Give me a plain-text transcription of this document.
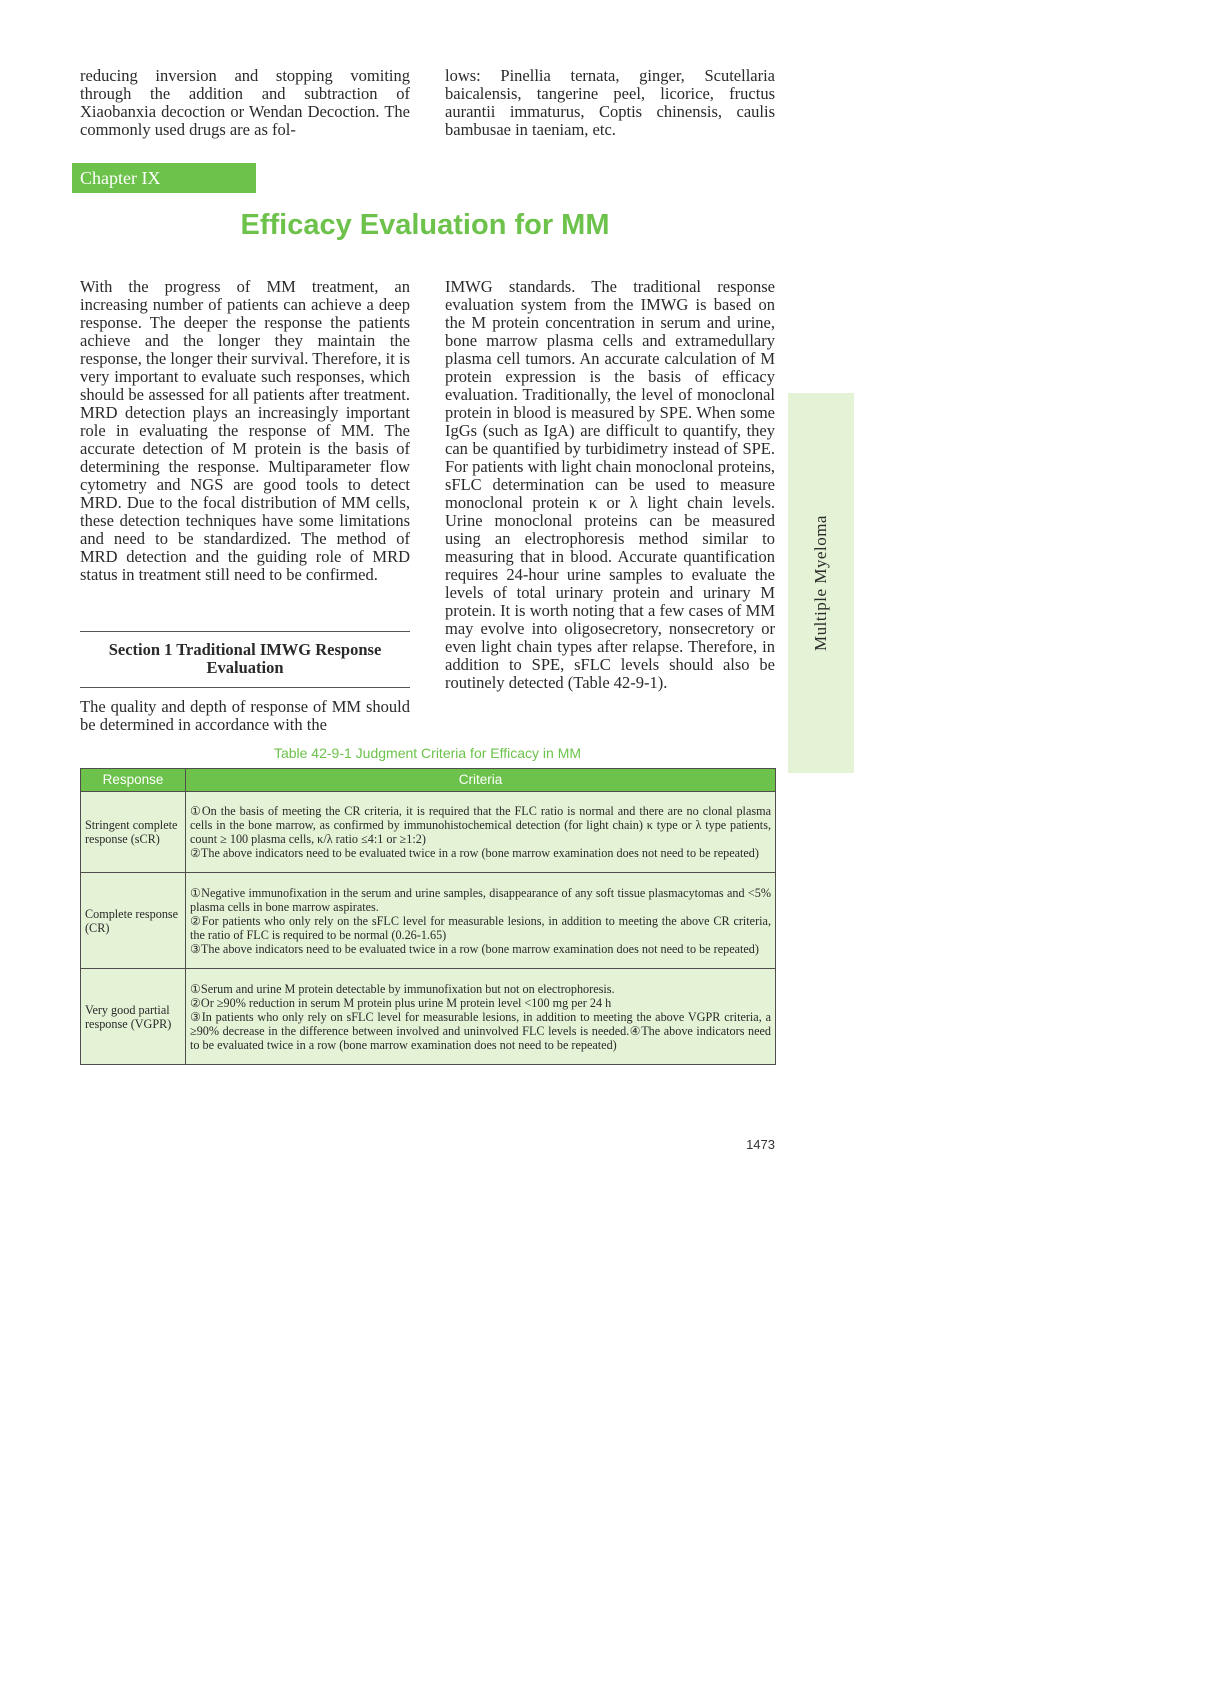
reducing inversion and stopping vomiting through the addition and subtraction of Xiaobanxia decoction or Wendan Decoction. The commonly used drugs are as fol-

lows: Pinellia ternata, ginger, Scutellaria baicalensis, tangerine peel, licorice, fructus aurantii immaturus, Coptis chinensis, caulis bambusae in taeniam, etc.

Chapter IX
Efficacy Evaluation for MM

With the progress of MM treatment, an increasing number of patients can achieve a deep response. The deeper the response the patients achieve and the longer they maintain the response, the longer their survival. Therefore, it is very important to evaluate such responses, which should be assessed for all patients after treatment. MRD detection plays an increasingly important role in evaluating the response of MM. The accurate detection of M protein is the basis of determining the response. Multiparameter flow cytometry and NGS are good tools to detect MRD. Due to the focal distribution of MM cells, these detection techniques have some limitations and need to be standardized. The method of MRD detection and the guiding role of MRD status in treatment still need to be confirmed.

IMWG standards. The traditional response evaluation system from the IMWG is based on the M protein concentration in serum and urine, bone marrow plasma cells and extramedullary plasma cell tumors. An accurate calculation of M protein expression is the basis of efficacy evaluation. Traditionally, the level of monoclonal protein in blood is measured by SPE. When some IgGs (such as IgA) are difficult to quantify, they can be quantified by turbidimetry instead of SPE. For patients with light chain monoclonal proteins, sFLC determination can be used to measure monoclonal protein κ or λ light chain levels. Urine monoclonal proteins can be measured using an electrophoresis method similar to measuring that in blood. Accurate quantification requires 24-hour urine samples to evaluate the levels of total urinary protein and urinary M protein. It is worth noting that a few cases of MM may evolve into oligosecretory, nonsecretory or even light chain types after relapse. Therefore, in addition to SPE, sFLC levels should also be routinely detected (Table 42-9-1).

Section 1 Traditional IMWG Response Evaluation

The quality and depth of response of MM should be determined in accordance with the

Multiple Myeloma

Table 42-9-1 Judgment Criteria for Efficacy in MM

Response	Criteria
Stringent complete response (sCR)	①On the basis of meeting the CR criteria, it is required that the FLC ratio is normal and there are no clonal plasma cells in the bone marrow, as confirmed by immunohistochemical detection (for light chain) κ type or λ type patients, count ≥ 100 plasma cells, κ/λ ratio ≤4:1 or ≥1:2)
②The above indicators need to be evaluated twice in a row (bone marrow examination does not need to be repeated)
Complete response (CR)	①Negative immunofixation in the serum and urine samples, disappearance of any soft tissue plasmacytomas and <5% plasma cells in bone marrow aspirates.
②For patients who only rely on the sFLC level for measurable lesions, in addition to meeting the above CR criteria, the ratio of FLC is required to be normal (0.26-1.65)
③The above indicators need to be evaluated twice in a row (bone marrow examination does not need to be repeated)
Very good partial response (VGPR)	①Serum and urine M protein detectable by immunofixation but not on electrophoresis.
②Or ≥90% reduction in serum M protein plus urine M protein level <100 mg per 24 h
③In patients who only rely on sFLC level for measurable lesions, in addition to meeting the above VGPR criteria, a ≥90% decrease in the difference between involved and uninvolved FLC levels is needed.④The above indicators need to be evaluated twice in a row (bone marrow examination does not need to be repeated)
1473
